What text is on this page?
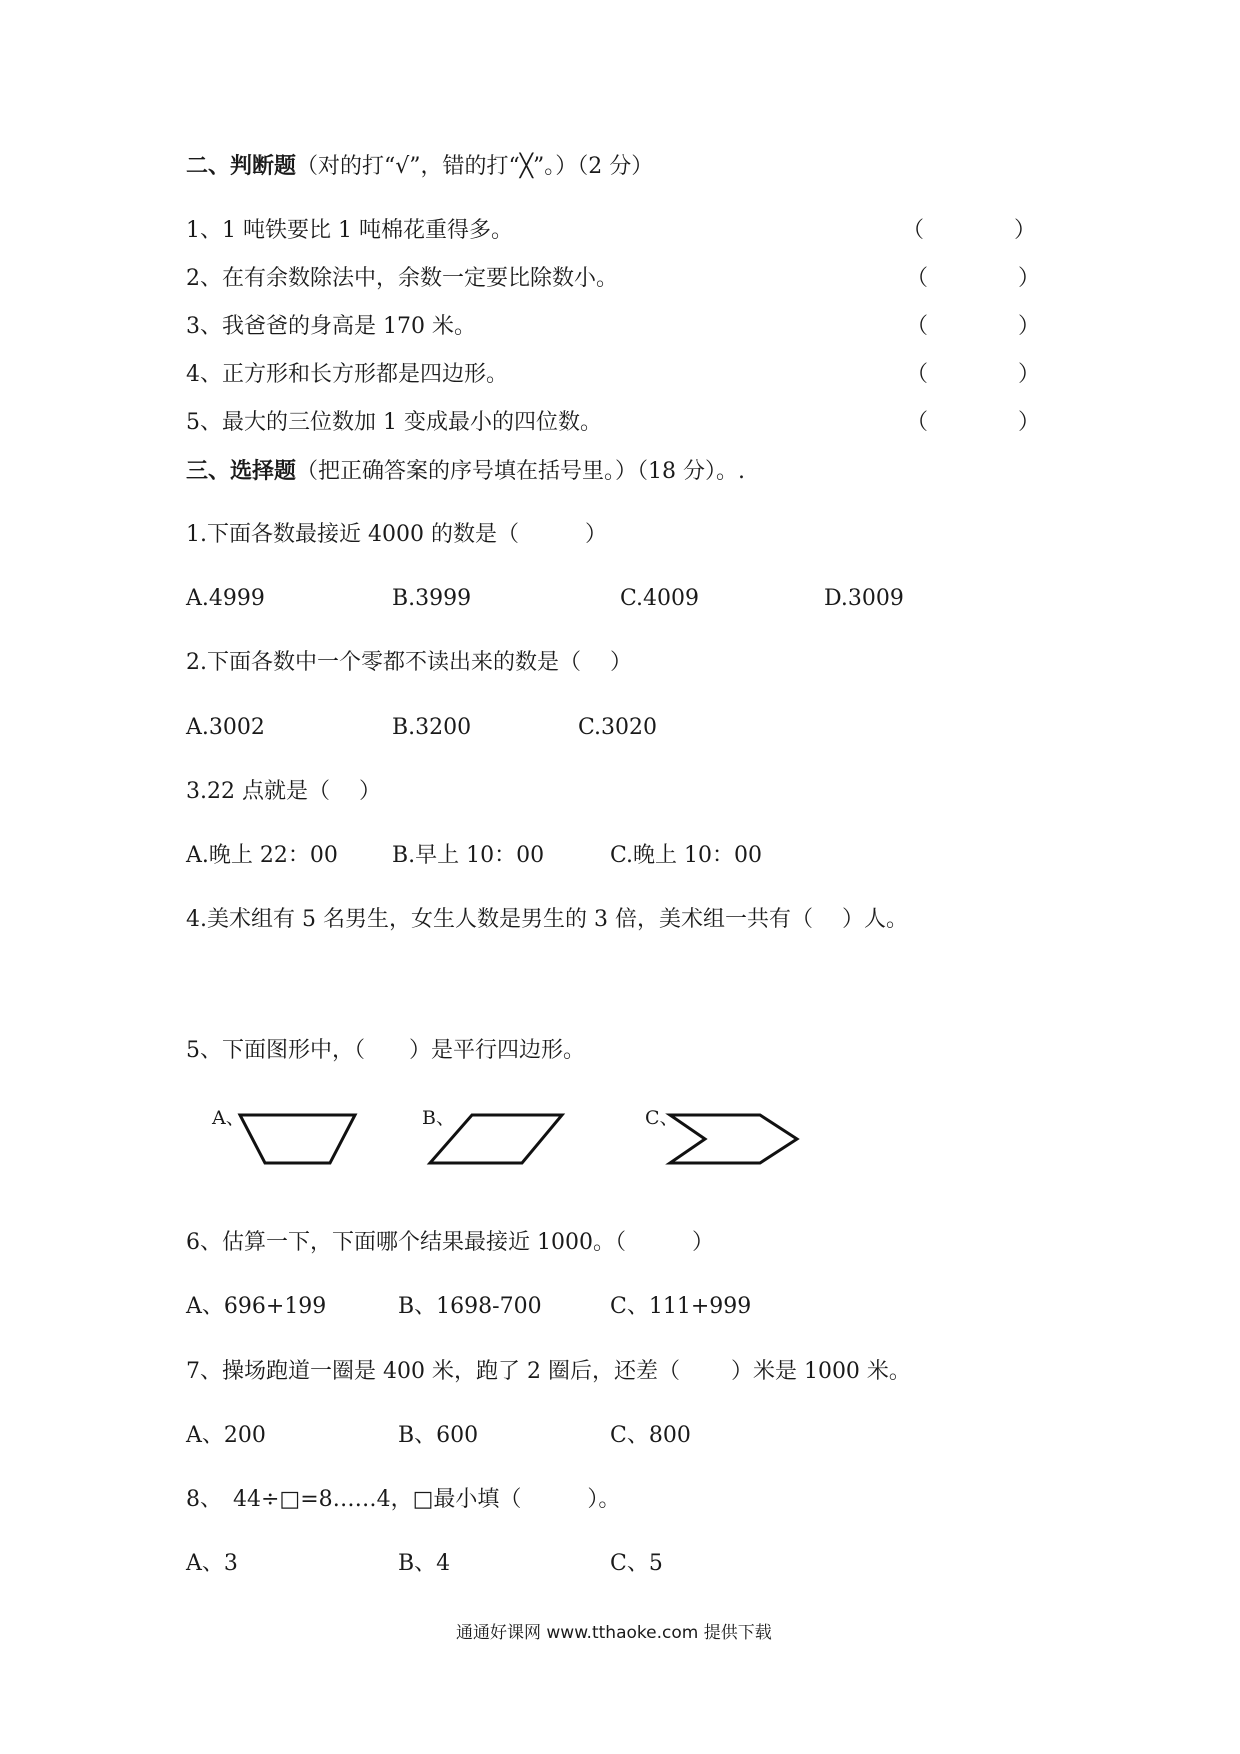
二、判断题（对的打“√”，错的打“╳”。）（2 分）
1、1 吨铁要比 1 吨棉花重得多。	（	）
2、在有余数除法中，余数一定要比除数小。	（	）
3、我爸爸的身高是 170 米。	（	）
4、正方形和长方形都是四边形。	（	）
5、最大的三位数加 1 变成最小的四位数。	（	）
三、选择题（把正确答案的序号填在括号里。）（18 分）。.
1.下面各数最接近 4000 的数是（　　　）
A.4999	B.3999	C.4009	D.3009
2.下面各数中一个零都不读出来的数是（　 ）
A.3002	B.3200	C.3020
3.22 点就是（　 ）
A.晚上 22：00 B.早上 10：00	C.晚上 10：00
4.美术组有 5 名男生，女生人数是男生的 3 倍，美术组一共有（　 ）人。
5、下面图形中，（　　）是平行四边形。
A、	B、	C、
6、估算一下，下面哪个结果最接近 1000。（　　　）
A、696+199	B、1698-700	C、111+999
7、操场跑道一圈是 400 米，跑了 2 圈后，还差（　　 ）米是 1000 米。
A、200	B、600	C、800
8、　44÷□=8……4，□最小填（　　　）。
A、3	B、4	C、5
通通好课网 www.tthaoke.com 提供下载
